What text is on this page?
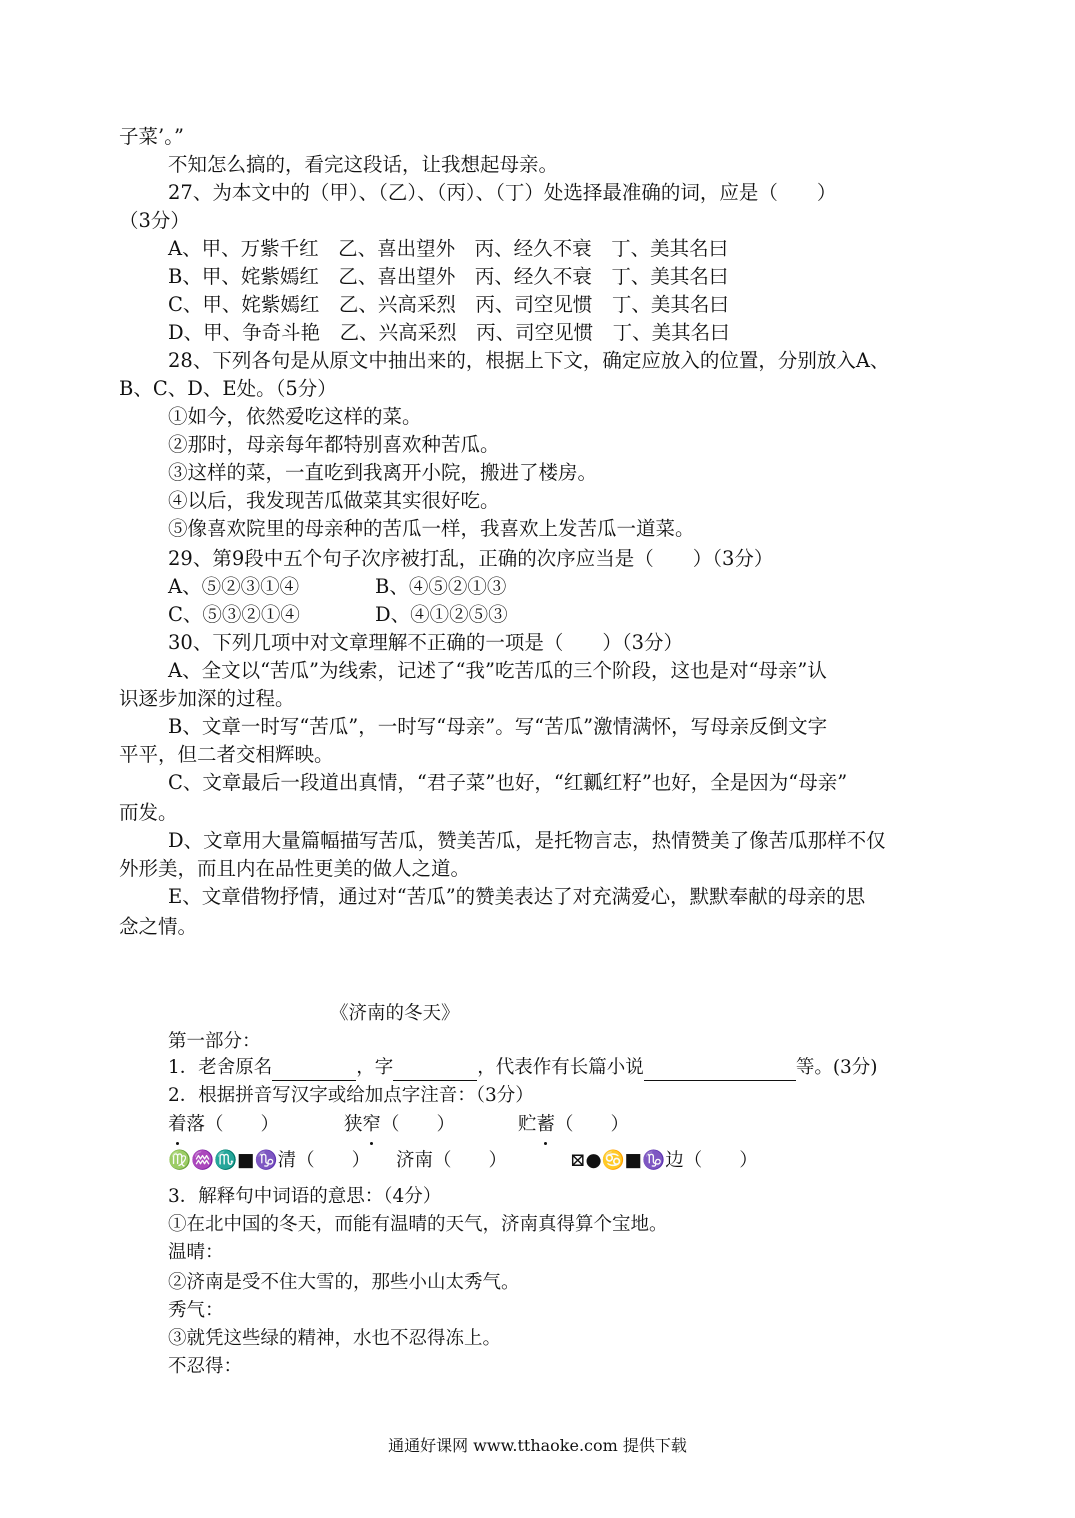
子菜’。”
不知怎么搞的，看完这段话，让我想起母亲。
27、为本文中的（甲）、（乙）、（丙）、（丁）处选择最准确的词，应是（　　）
（3分）
A、甲、万紫千红　乙、喜出望外　丙、经久不衰　丁、美其名曰
B、甲、姹紫嫣红　乙、喜出望外　丙、经久不衰　丁、美其名曰
C、甲、姹紫嫣红　乙、兴高采烈　丙、司空见惯　丁、美其名曰
D、甲、争奇斗艳　乙、兴高采烈　丙、司空见惯　丁、美其名曰
28、下列各句是从原文中抽出来的，根据上下文，确定应放入的位置，分别放入A、
B、C、D、E处。（5分）
①如今，依然爱吃这样的菜。
②那时，母亲每年都特别喜欢种苦瓜。
③这样的菜，一直吃到我离开小院，搬进了楼房。
④以后，我发现苦瓜做菜其实很好吃。
⑤像喜欢院里的母亲种的苦瓜一样，我喜欢上发苦瓜一道菜。
29、第9段中五个句子次序被打乱，正确的次序应当是（　　）（3分）
A、⑤②③①④	B、④⑤②①③
C、⑤③②①④	D、④①②⑤③
30、下列几项中对文章理解不正确的一项是（　　）（3分）
A、全文以“苦瓜”为线索，记述了“我”吃苦瓜的三个阶段，这也是对“母亲”认
识逐步加深的过程。
B、文章一时写“苦瓜”，一时写“母亲”。写“苦瓜”激情满怀，写母亲反倒文字
平平，但二者交相辉映。
C、文章最后一段道出真情，“君子菜”也好，“红瓤红籽”也好，全是因为“母亲”
而发。
D、文章用大量篇幅描写苦瓜，赞美苦瓜，是托物言志，热情赞美了像苦瓜那样不仅
外形美，而且内在品性更美的做人之道。
E、文章借物抒情，通过对“苦瓜”的赞美表达了对充满爱心，默默奉献的母亲的思
念之情。
《济南的冬天》
第一部分：
1．老舍原名	，字	，代表作有长篇小说	等。(3分)
2．根据拼音写汉字或给加点字注音：（3分）
着落（　　）	狭窄（　　）	贮蓄（　　）
♍♒♏■♑清（　　） 济南（　　）	⊠●♋■♑边（　　）
3．解释句中词语的意思：（4分）
①在北中国的冬天，而能有温晴的天气，济南真得算个宝地。
温晴：
②济南是受不住大雪的，那些小山太秀气。
秀气：
③就凭这些绿的精神，水也不忍得冻上。
不忍得：
通通好课网 www.tthaoke.com 提供下载
